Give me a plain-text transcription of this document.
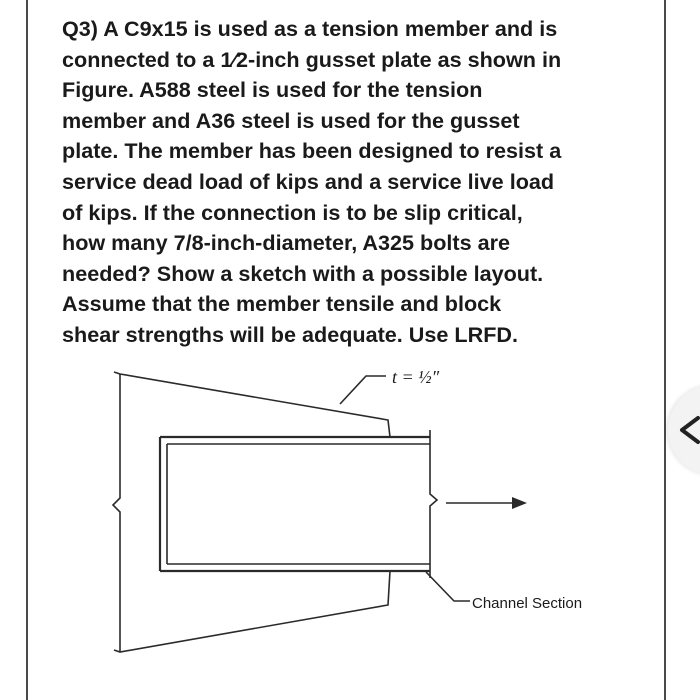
Q3) A C9x15 is used as a tension member and is
connected to a 1⁄2-inch gusset plate as shown in
Figure. A588 steel is used for the tension
member and A36 steel is used for the gusset
plate. The member has been designed to resist a
service dead load of kips and a service live load
of kips. If the connection is to be slip critical,
how many 7/8-inch-diameter, A325 bolts are
needed? Show a sketch with a possible layout.
Assume that the member tensile and block
shear strengths will be adequate. Use LRFD.
t = ½″
Channel Section
